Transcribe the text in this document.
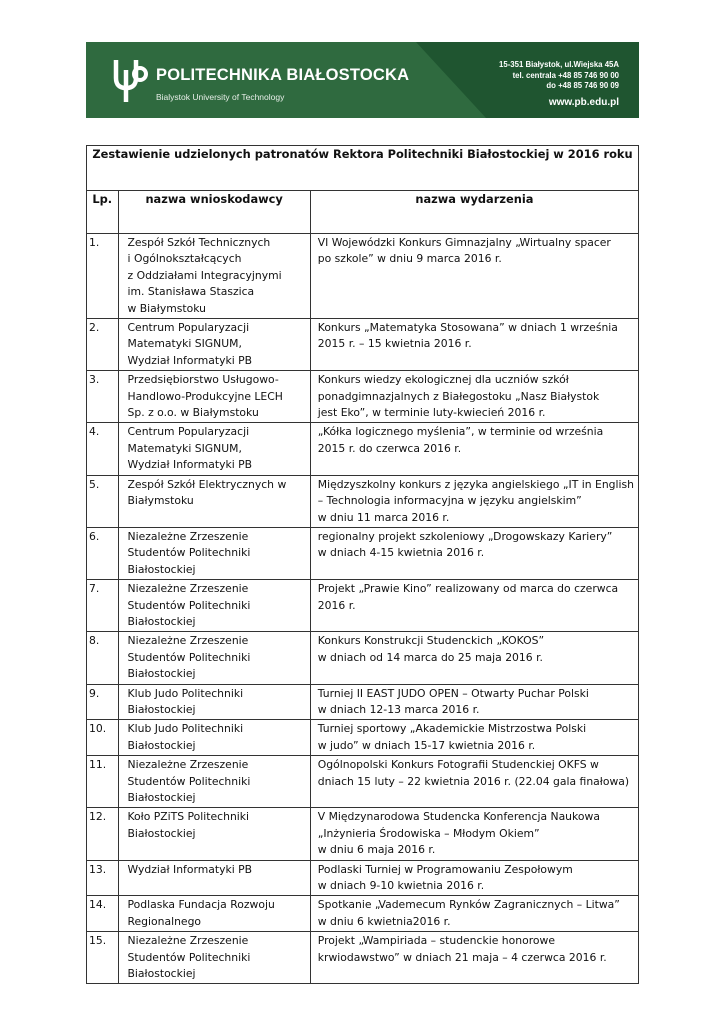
POLITECHNIKA BIAŁOSTOCKA
Bialystok University of Technology
15-351 Białystok, ul.Wiejska 45A
tel. centrala +48 85 746 90 00
do +48 85 746 90 09
www.pb.edu.pl
Zestawienie udzielonych patronatów Rektora Politechniki Białostockiej w 2016 roku		
Lp.	nazwa wnioskodawcy	nazwa wydarzenia
1.	Zespół Szkół Technicznych
i Ogólnokształcących
z Oddziałami Integracyjnymi
im. Stanisława Staszica
w Białymstoku	VI Wojewódzki Konkurs Gimnazjalny „Wirtualny spacer
po szkole” w dniu 9 marca 2016 r.

2.	Centrum Popularyzacji
Matematyki SIGNUM,
Wydział Informatyki PB	Konkurs „Matematyka Stosowana” w dniach 1 września
2015 r. – 15 kwietnia 2016 r.

3.	Przedsiębiorstwo Usługowo-
Handlowo-Produkcyjne LECH
Sp. z o.o. w Białymstoku	Konkurs wiedzy ekologicznej dla uczniów szkół
ponadgimnazjalnych z Białegostoku „Nasz Białystok
jest Eko”, w terminie luty-kwiecień 2016 r.

4.	Centrum Popularyzacji
Matematyki SIGNUM,
Wydział Informatyki PB	„Kółka logicznego myślenia”, w terminie od września
2015 r. do czerwca 2016 r.

5.	Zespół Szkół Elektrycznych w
Białymstoku	Międzyszkolny konkurs z języka angielskiego „IT in English
– Technologia informacyjna w języku angielskim”
w dniu 11 marca 2016 r.

6.	Niezależne Zrzeszenie
Studentów Politechniki
Białostockiej	regionalny projekt szkoleniowy „Drogowskazy Kariery”
w dniach 4-15 kwietnia 2016 r.

7.	Niezależne Zrzeszenie
Studentów Politechniki
Białostockiej	Projekt „Prawie Kino” realizowany od marca do czerwca
2016 r.

8.	Niezależne Zrzeszenie
Studentów Politechniki
Białostockiej	Konkurs Konstrukcji Studenckich „KOKOS”
w dniach od 14 marca do 25 maja 2016 r.

9.	Klub Judo Politechniki
Białostockiej	Turniej II EAST JUDO OPEN – Otwarty Puchar Polski
w dniach 12-13 marca 2016 r.

10.	Klub Judo Politechniki
Białostockiej	Turniej sportowy „Akademickie Mistrzostwa Polski
w judo” w dniach 15-17 kwietnia 2016 r.

11.	Niezależne Zrzeszenie
Studentów Politechniki
Białostockiej	Ogólnopolski Konkurs Fotografii Studenckiej OKFS w
dniach 15 luty – 22 kwietnia 2016 r. (22.04 gala finałowa)

12.	Koło PZiTS Politechniki
Białostockiej	V Międzynarodowa Studencka Konferencja Naukowa
„Inżynieria Środowiska – Młodym Okiem”
w dniu 6 maja 2016 r.

13.	Wydział Informatyki PB	Podlaski Turniej w Programowaniu Zespołowym
w dniach 9-10 kwietnia 2016 r.

14.	Podlaska Fundacja Rozwoju
Regionalnego	Spotkanie „Vademecum Rynków Zagranicznych – Litwa”
w dniu 6 kwietnia2016 r.

15.	Niezależne Zrzeszenie
Studentów Politechniki
Białostockiej	Projekt „Wampiriada – studenckie honorowe
krwiodawstwo” w dniach 21 maja – 4 czerwca 2016 r.
